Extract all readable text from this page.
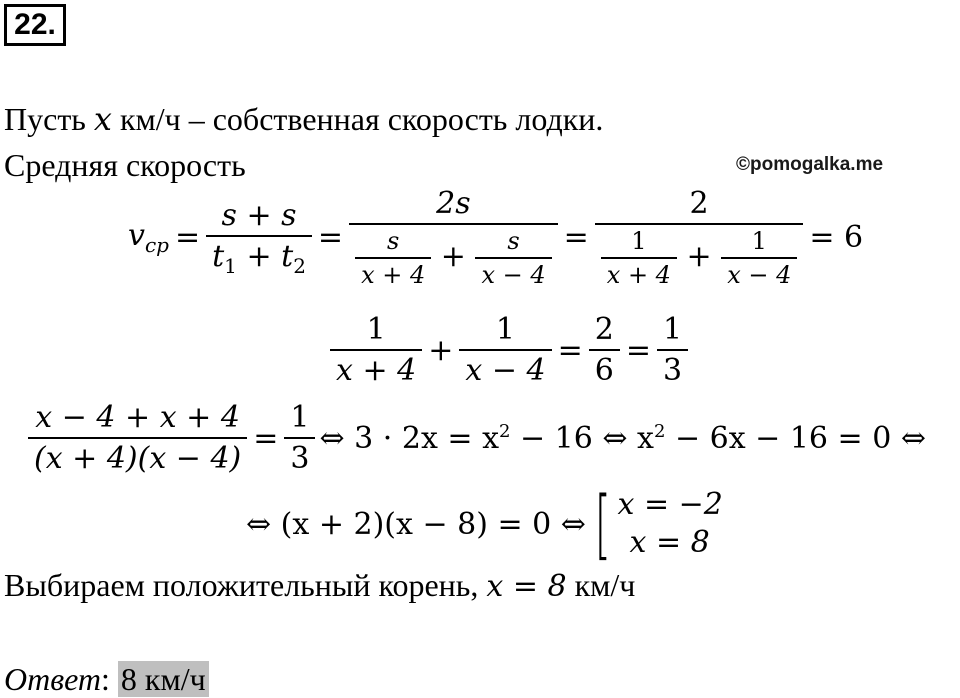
22.
©pomogalka.me
Пусть x км/ч – собственная скорость лодки.
Средняя скорость
$v_{cp} = \frac{s + s}{t_1 + t_2} = \frac{2s}{\frac{s}{x + 4} + \frac{s}{x - 4}} = \frac{2}{\frac{1}{x + 4} + \frac{1}{x - 4}} = 6$
$\frac{1}{x + 4} + \frac{1}{x - 4} = \frac{2}{6} = \frac{1}{3}$
$\frac{x - 4 + x + 4}{(x + 4)(x - 4)} = \frac{1}{3}$ ⇔ $3 \cdot 2x = x^2 - 16$ ⇔ $x^2 - 6x - 16 = 0$ ⇔
⇔ (x + 2)(x − 8) = 0 ⇔ [ x = −2
x = 8
Выбираем положительный корень, x = 8 км/ч
Ответ: 8 км/ч
